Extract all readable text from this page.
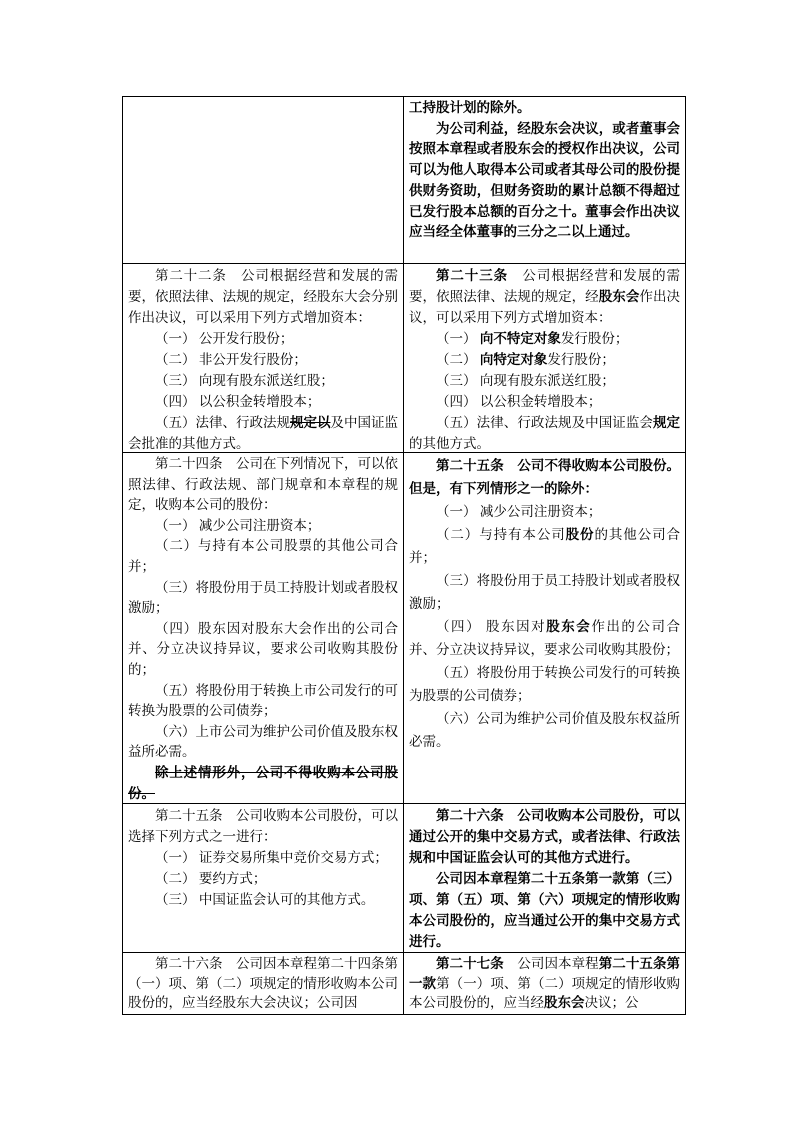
工持股计划的除外。

为公司利益，经股东会决议，或者董事会按照本章程或者股东会的授权作出决议，公司可以为他人取得本公司或者其母公司的股份提供财务资助，但财务资助的累计总额不得超过已发行股本总额的百分之十。董事会作出决议应当经全体董事的三分之二以上通过。

第二十二条　公司根据经营和发展的需要，依照法律、法规的规定，经股东大会分别作出决议，可以采用下列方式增加资本：

（一） 公开发行股份；

（二） 非公开发行股份；

（三） 向现有股东派送红股；

（四） 以公积金转增股本；

（五）法律、行政法规规定以及中国证监会批准的其他方式。

第二十三条　公司根据经营和发展的需要，依照法律、法规的规定，经股东会作出决议，可以采用下列方式增加资本：

（一） 向不特定对象发行股份；

（二） 向特定对象发行股份；

（三） 向现有股东派送红股；

（四） 以公积金转增股本；

（五）法律、行政法规及中国证监会规定的其他方式。

第二十四条　公司在下列情况下，可以依照法律、行政法规、部门规章和本章程的规定，收购本公司的股份：

（一） 减少公司注册资本；

（二）与持有本公司股票的其他公司合并；

（三）将股份用于员工持股计划或者股权激励；

（四）股东因对股东大会作出的公司合并、分立决议持异议，要求公司收购其股份的；

（五）将股份用于转换上市公司发行的可转换为股票的公司债券；

（六）上市公司为维护公司价值及股东权益所必需。

除上述情形外，公司不得收购本公司股份。

第二十五条　公司不得收购本公司股份。但是，有下列情形之一的除外：

（一） 减少公司注册资本；

（二）与持有本公司股份的其他公司合并；

（三）将股份用于员工持股计划或者股权激励；

（四） 股东因对股东会作出的公司合并、分立决议持异议，要求公司收购其股份；

（五）将股份用于转换公司发行的可转换为股票的公司债券；

（六）公司为维护公司价值及股东权益所必需。

第二十五条　公司收购本公司股份，可以选择下列方式之一进行：

（一） 证券交易所集中竞价交易方式；

（二） 要约方式；

（三） 中国证监会认可的其他方式。

第二十六条　公司收购本公司股份，可以通过公开的集中交易方式，或者法律、行政法规和中国证监会认可的其他方式进行。

公司因本章程第二十五条第一款第（三）项、第（五）项、第（六）项规定的情形收购本公司股份的，应当通过公开的集中交易方式进行。

第二十六条　公司因本章程第二十四条第（一）项、第（二）项规定的情形收购本公司股份的，应当经股东大会决议；公司因

第二十七条　公司因本章程第二十五条第一款第（一）项、第（二）项规定的情形收购本公司股份的，应当经股东会决议；公
